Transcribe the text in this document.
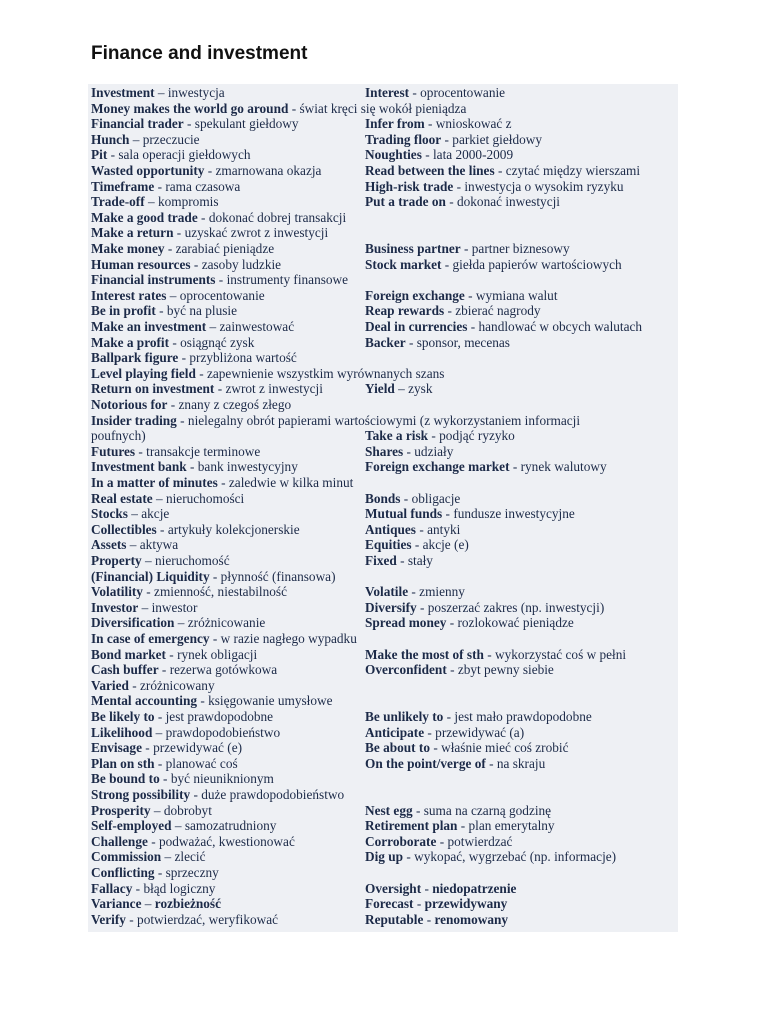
Finance and investment
Investment – inwestycja	Interest - oprocentowanie
Money makes the world go around - świat kręci się wokół pieniądza
Financial trader - spekulant giełdowy	Infer from - wnioskować z
Hunch – przeczucie	Trading floor - parkiet giełdowy
Pit - sala operacji giełdowych	Noughties - lata 2000-2009
Wasted opportunity - zmarnowana okazja	Read between the lines - czytać między wierszami
Timeframe - rama czasowa	High-risk trade - inwestycja o wysokim ryzyku
Trade-off – kompromis	Put a trade on - dokonać inwestycji
Make a good trade - dokonać dobrej transakcji
Make a return - uzyskać zwrot z inwestycji
Make money - zarabiać pieniądze	Business partner - partner biznesowy
Human resources - zasoby ludzkie	Stock market - giełda papierów wartościowych
Financial instruments - instrumenty finansowe
Interest rates – oprocentowanie	Foreign exchange - wymiana walut
Be in profit - być na plusie	Reap rewards - zbierać nagrody
Make an investment – zainwestować	Deal in currencies - handlować w obcych walutach
Make a profit - osiągnąć zysk	Backer - sponsor, mecenas
Ballpark figure - przybliżona wartość
Level playing field - zapewnienie wszystkim wyrównanych szans
Return on investment - zwrot z inwestycji	Yield – zysk
Notorious for - znany z czegoś złego
Insider trading - nielegalny obrót papierami wartościowymi (z wykorzystaniem informacji
poufnych)	Take a risk - podjąć ryzyko
Futures - transakcje terminowe	Shares - udziały
Investment bank - bank inwestycyjny	Foreign exchange market - rynek walutowy
In a matter of minutes - zaledwie w kilka minut
Real estate – nieruchomości	Bonds - obligacje
Stocks – akcje	Mutual funds - fundusze inwestycyjne
Collectibles - artykuły kolekcjonerskie	Antiques - antyki
Assets – aktywa	Equities - akcje (e)
Property – nieruchomość	Fixed - stały
(Financial) Liquidity - płynność (finansowa)
Volatility - zmienność, niestabilność	Volatile - zmienny
Investor – inwestor	Diversify - poszerzać zakres (np. inwestycji)
Diversification – zróżnicowanie	Spread money - rozlokować pieniądze
In case of emergency - w razie nagłego wypadku
Bond market - rynek obligacji	Make the most of sth - wykorzystać coś w pełni
Cash buffer - rezerwa gotówkowa	Overconfident - zbyt pewny siebie
Varied - zróżnicowany
Mental accounting - księgowanie umysłowe
Be likely to - jest prawdopodobne	Be unlikely to - jest mało prawdopodobne
Likelihood – prawdopodobieństwo	Anticipate - przewidywać (a)
Envisage - przewidywać (e)	Be about to - właśnie mieć coś zrobić
Plan on sth - planować coś	On the point/verge of - na skraju
Be bound to - być nieuniknionym
Strong possibility - duże prawdopodobieństwo
Prosperity – dobrobyt	Nest egg - suma na czarną godzinę
Self-employed – samozatrudniony	Retirement plan - plan emerytalny
Challenge - podważać, kwestionować	Corroborate - potwierdzać
Commission – zlecić	Dig up - wykopać, wygrzebać (np. informacje)
Conflicting - sprzeczny
Fallacy - błąd logiczny	Oversight - niedopatrzenie
Variance – rozbieżność	Forecast - przewidywany
Verify - potwierdzać, weryfikować	Reputable - renomowany
